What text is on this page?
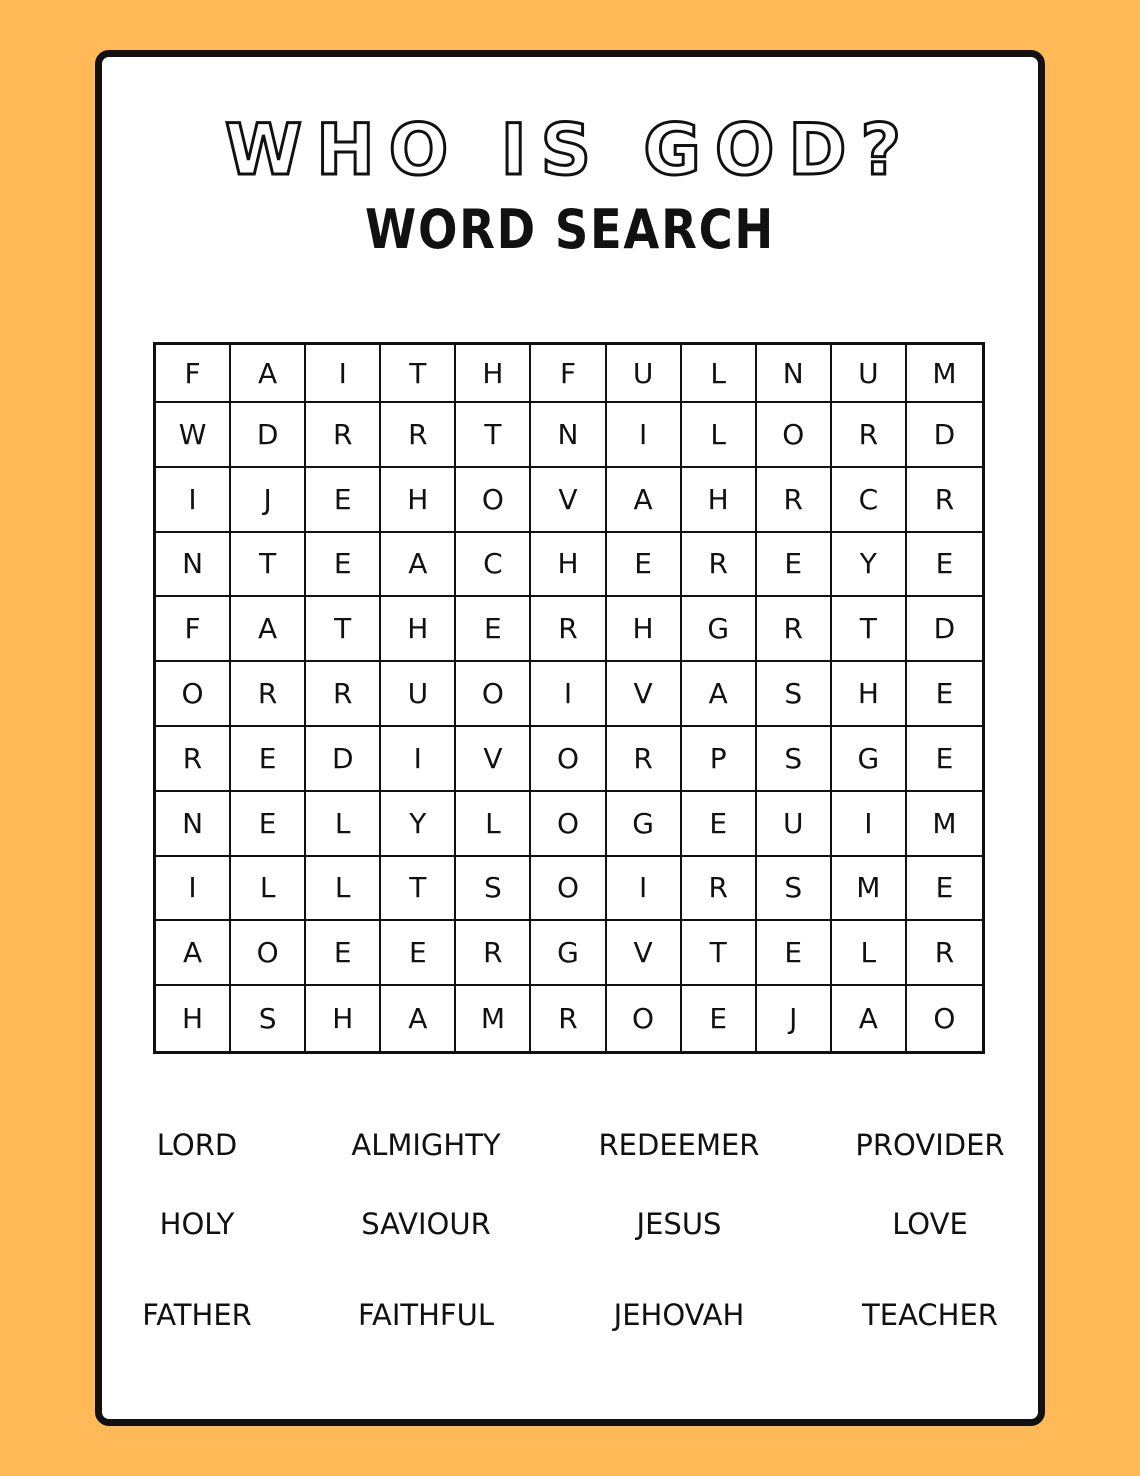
WHO IS GOD?
WORD SEARCH
F	A	I	T	H	F	U	L	N	U	M
W	D	R	R	T	N	I	L	O	R	D
I	J	E	H	O	V	A	H	R	C	R
N	T	E	A	C	H	E	R	E	Y	E
F	A	T	H	E	R	H	G	R	T	D
O	R	R	U	O	I	V	A	S	H	E
R	E	D	I	V	O	R	P	S	G	E
N	E	L	Y	L	O	G	E	U	I	M
I	L	L	T	S	O	I	R	S	M	E
A	O	E	E	R	G	V	T	E	L	R
H	S	H	A	M	R	O	E	J	A	O
LORD	ALMIGHTY	REDEEMER	PROVIDER
HOLY	SAVIOUR	JESUS	LOVE
FATHER	FAITHFUL	JEHOVAH	TEACHER
